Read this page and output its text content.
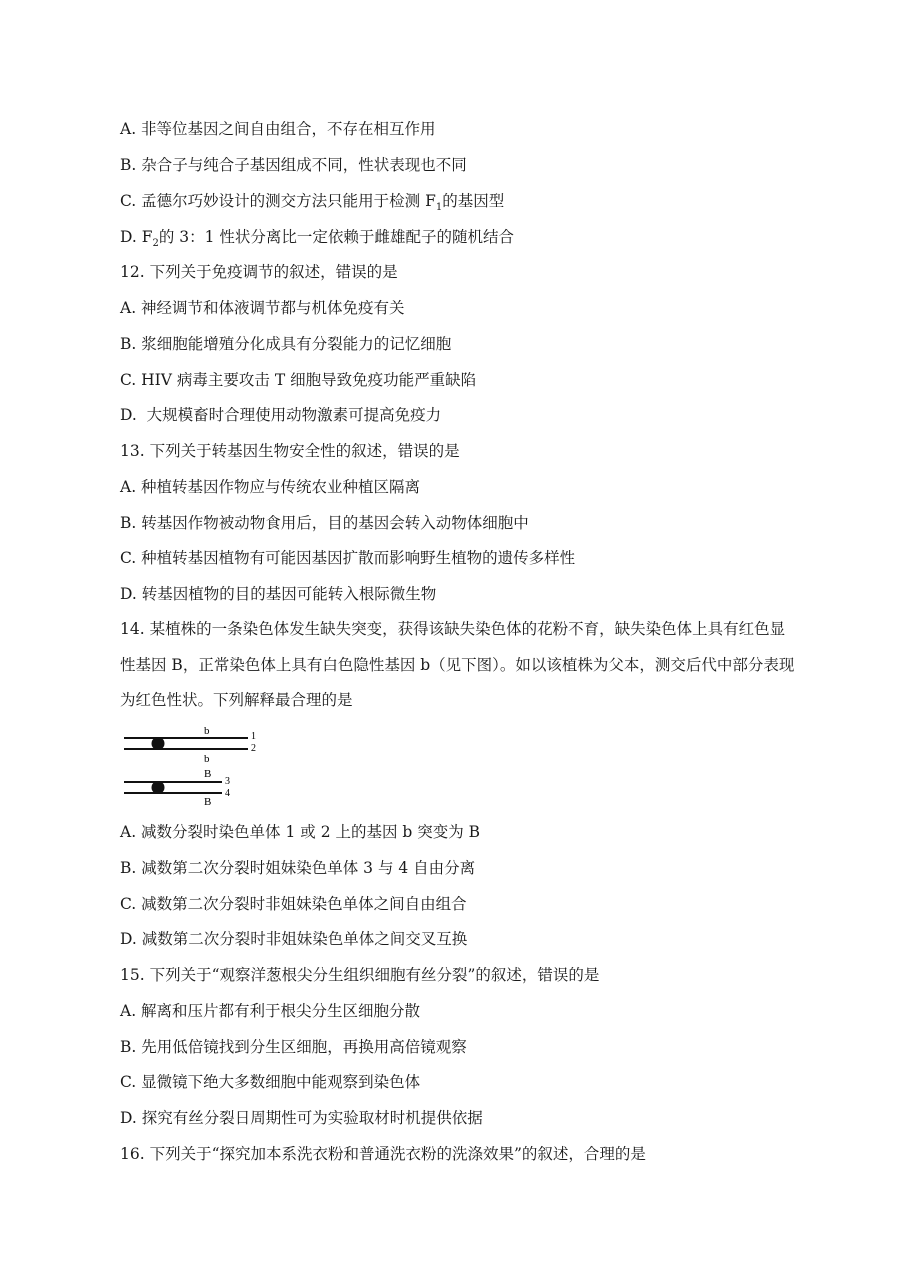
A. 非等位基因之间自由组合，不存在相互作用
B. 杂合子与纯合子基因组成不同，性状表现也不同
C. 孟德尔巧妙设计的测交方法只能用于检测 $F_1$的基因型
D. $F_2$的 3：1 性状分离比一定依赖于雌雄配子的随机结合
12. 下列关于免疫调节的叙述，错误的是
A. 神经调节和体液调节都与机体免疫有关
B. 浆细胞能增殖分化成具有分裂能力的记忆细胞
C. HIV 病毒主要攻击 T 细胞导致免疫功能严重缺陷
D.  大规模畜时合理使用动物激素可提高免疫力
13. 下列关于转基因生物安全性的叙述，错误的是
A. 种植转基因作物应与传统农业种植区隔离
B. 转基因作物被动物食用后，目的基因会转入动物体细胞中
C. 种植转基因植物有可能因基因扩散而影响野生植物的遗传多样性
D. 转基因植物的目的基因可能转入根际微生物
14. 某植株的一条染色体发生缺失突变，获得该缺失染色体的花粉不育，缺失染色体上具有红色显性基因 B，正常染色体上具有白色隐性基因 b（见下图）。如以该植株为父本，测交后代中部分表现为红色性状。下列解释最合理的是
b
b
1
2
B
B
3
4
A. 减数分裂时染色单体 1 或 2 上的基因 b 突变为 B
B. 减数第二次分裂时姐妹染色单体 3 与 4 自由分离
C. 减数第二次分裂时非姐妹染色单体之间自由组合
D. 减数第二次分裂时非姐妹染色单体之间交叉互换
15. 下列关于“观察洋葱根尖分生组织细胞有丝分裂”的叙述，错误的是
A. 解离和压片都有利于根尖分生区细胞分散
B. 先用低倍镜找到分生区细胞，再换用高倍镜观察
C. 显微镜下绝大多数细胞中能观察到染色体
D. 探究有丝分裂日周期性可为实验取材时机提供依据
16. 下列关于“探究加本系洗衣粉和普通洗衣粉的洗涤效果”的叙述，合理的是
